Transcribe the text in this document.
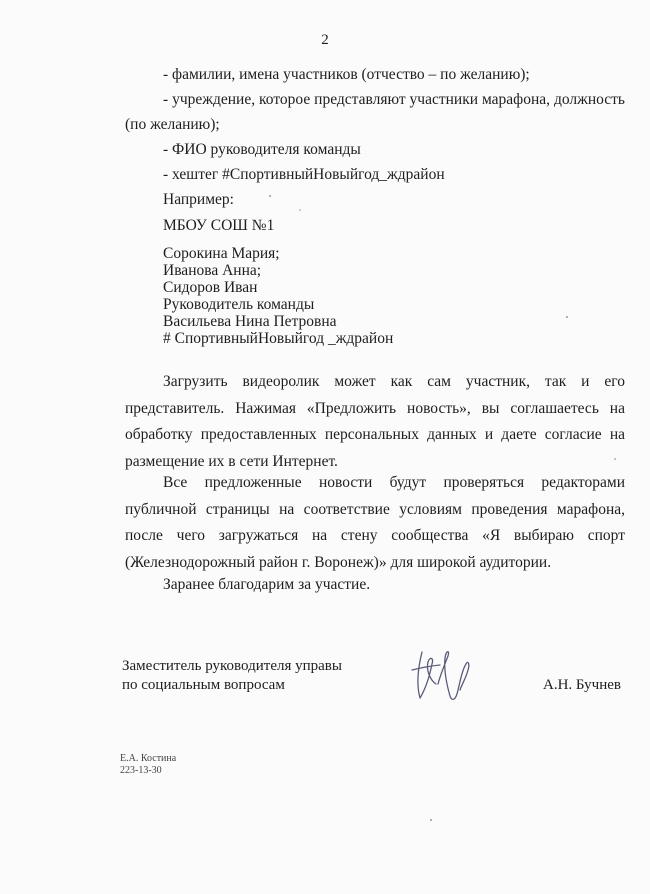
2
- фамилии, имена участников (отчество – по желанию);
- учреждение, которое представляют участники марафона, должность
(по желанию);
- ФИО руководителя команды
- хештег #СпортивныйНовыйгод_ждрайон
Например:
МБОУ СОШ №1
Сорокина Мария;
Иванова Анна;
Сидоров Иван
Руководитель команды
Васильева Нина Петровна
# СпортивныйНовыйгод _ждрайон
Загрузить видеоролик может как сам участник, так и его представитель. Нажимая «Предложить новость», вы соглашаетесь на обработку предоставленных персональных данных и даете согласие на размещение их в сети Интернет.
Все предложенные новости будут проверяться редакторами публичной страницы на соответствие условиям проведения марафона, после чего загружаться на стену сообщества «Я выбираю спорт (Железнодорожный район г. Воронеж)» для широкой аудитории.
Заранее благодарим за участие.
Заместитель руководителя управы
по социальным вопросам	А.Н. Бучнев
Е.А. Костина
223-13-30
